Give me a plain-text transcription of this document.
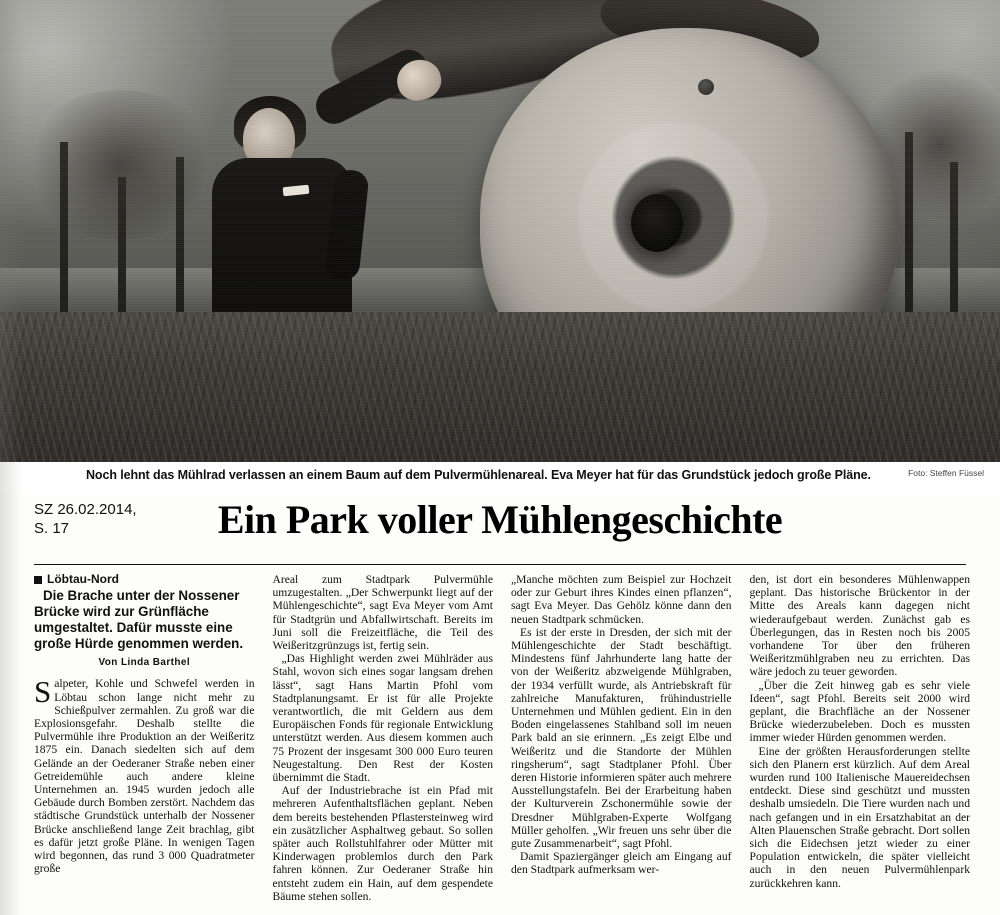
Noch lehnt das Mühlrad verlassen an einem Baum auf dem Pulvermühlenareal. Eva Meyer hat für das Grundstück jedoch große Pläne.	Foto: Steffen Füssel
SZ 26.02.2014,
S. 17	Ein Park voller Mühlengeschichte
Löbtau-Nord

Die Brache unter der Nossener Brücke wird zur Grünfläche umgestaltet. Dafür musste eine große Hürde genommen werden.

Von Linda Barthel

Salpeter, Kohle und Schwefel werden in Löbtau schon lange nicht mehr zu Schießpulver zermahlen. Zu groß war die Explosionsgefahr. Deshalb stellte die Pulvermühle ihre Produktion an der Weißeritz 1875 ein. Danach siedelten sich auf dem Gelände an der Oederaner Straße neben einer Getreidemühle auch andere kleine Unternehmen an. 1945 wurden jedoch alle Gebäude durch Bomben zerstört. Nachdem das städtische Grundstück unterhalb der Nossener Brücke anschließend lange Zeit brachlag, gibt es dafür jetzt große Pläne. In wenigen Tagen wird begonnen, das rund 3 000 Quadratmeter große

Areal zum Stadtpark Pulvermühle umzugestalten. „Der Schwerpunkt liegt auf der Mühlengeschichte“, sagt Eva Meyer vom Amt für Stadtgrün und Abfallwirtschaft. Bereits im Juni soll die Freizeitfläche, die Teil des Weißeritzgrünzugs ist, fertig sein.

„Das Highlight werden zwei Mühlräder aus Stahl, wovon sich eines sogar langsam drehen lässt“, sagt Hans Martin Pfohl vom Stadtplanungsamt. Er ist für alle Projekte verantwortlich, die mit Geldern aus dem Europäischen Fonds für regionale Entwicklung unterstützt werden. Aus diesem kommen auch 75 Prozent der insgesamt 300 000 Euro teuren Neugestaltung. Den Rest der Kosten übernimmt die Stadt.

Auf der Industriebrache ist ein Pfad mit mehreren Aufenthaltsflächen geplant. Neben dem bereits bestehenden Pflastersteinweg wird ein zusätzlicher Asphaltweg gebaut. So sollen später auch Rollstuhlfahrer oder Mütter mit Kinderwagen problemlos durch den Park fahren können. Zur Oederaner Straße hin entsteht zudem ein Hain, auf dem gespendete Bäume stehen sollen.

„Manche möchten zum Beispiel zur Hochzeit oder zur Geburt ihres Kindes einen pflanzen“, sagt Eva Meyer. Das Gehölz könne dann den neuen Stadtpark schmücken.

Es ist der erste in Dresden, der sich mit der Mühlengeschichte der Stadt beschäftigt. Mindestens fünf Jahrhunderte lang hatte der von der Weißeritz abzweigende Mühlgraben, der 1934 verfüllt wurde, als Antriebskraft für zahlreiche Manufakturen, frühindustrielle Unternehmen und Mühlen gedient. Ein in den Boden eingelassenes Stahlband soll im neuen Park bald an sie erinnern. „Es zeigt Elbe und Weißeritz und die Standorte der Mühlen ringsherum“, sagt Stadtplaner Pfohl. Über deren Historie informieren später auch mehrere Ausstellungstafeln. Bei der Erarbeitung haben der Kulturverein Zschonermühle sowie der Dresdner Mühlgraben-Experte Wolfgang Müller geholfen. „Wir freuen uns sehr über die gute Zusammenarbeit“, sagt Pfohl.

Damit Spaziergänger gleich am Eingang auf den Stadtpark aufmerksam wer-

den, ist dort ein besonderes Mühlenwappen geplant. Das historische Brückentor in der Mitte des Areals kann dagegen nicht wiederaufgebaut werden. Zunächst gab es Überlegungen, das in Resten noch bis 2005 vorhandene Tor über den früheren Weißeritzmühlgraben neu zu errichten. Das wäre jedoch zu teuer geworden.

„Über die Zeit hinweg gab es sehr viele Ideen“, sagt Pfohl. Bereits seit 2000 wird geplant, die Brachfläche an der Nossener Brücke wiederzubeleben. Doch es mussten immer wieder Hürden genommen werden.

Eine der größten Herausforderungen stellte sich den Planern erst kürzlich. Auf dem Areal wurden rund 100 Italienische Mauereidechsen entdeckt. Diese sind geschützt und mussten deshalb umsiedeln. Die Tiere wurden nach und nach gefangen und in ein Ersatzhabitat an der Alten Plauenschen Straße gebracht. Dort sollen sich die Eidechsen jetzt wieder zu einer Population entwickeln, die später vielleicht auch in den neuen Pulvermühlenpark zurückkehren kann.
